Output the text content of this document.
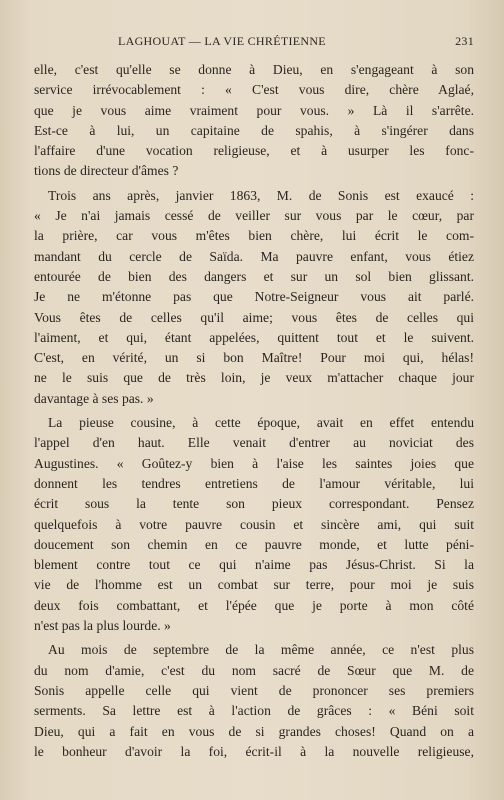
LAGHOUAT — LA VIE CHRÉTIENNE	231
elle, c'est qu'elle se donne à Dieu, en s'engageant à son
service irrévocablement : « C'est vous dire, chère Aglaé,
que je vous aime vraiment pour vous. » Là il s'arrête.
Est-ce à lui, un capitaine de spahis, à s'ingérer dans
l'affaire d'une vocation religieuse, et à usurper les fonc-
tions de directeur d'âmes ?
Trois ans après, janvier 1863, M. de Sonis est exaucé :
« Je n'ai jamais cessé de veiller sur vous par le cœur, par
la prière, car vous m'êtes bien chère, lui écrit le com-
mandant du cercle de Saïda. Ma pauvre enfant, vous étiez
entourée de bien des dangers et sur un sol bien glissant.
Je ne m'étonne pas que Notre-Seigneur vous ait parlé.
Vous êtes de celles qu'il aime; vous êtes de celles qui
l'aiment, et qui, étant appelées, quittent tout et le suivent.
C'est, en vérité, un si bon Maître! Pour moi qui, hélas!
ne le suis que de très loin, je veux m'attacher chaque jour
davantage à ses pas. »
La pieuse cousine, à cette époque, avait en effet entendu
l'appel d'en haut. Elle venait d'entrer au noviciat des
Augustines. « Goûtez-y bien à l'aise les saintes joies que
donnent les tendres entretiens de l'amour véritable, lui
écrit sous la tente son pieux correspondant. Pensez
quelquefois à votre pauvre cousin et sincère ami, qui suit
doucement son chemin en ce pauvre monde, et lutte péni-
blement contre tout ce qui n'aime pas Jésus-Christ. Si la
vie de l'homme est un combat sur terre, pour moi je suis
deux fois combattant, et l'épée que je porte à mon côté
n'est pas la plus lourde. »
Au mois de septembre de la même année, ce n'est plus
du nom d'amie, c'est du nom sacré de Sœur que M. de
Sonis appelle celle qui vient de prononcer ses premiers
serments. Sa lettre est à l'action de grâces : « Béni soit
Dieu, qui a fait en vous de si grandes choses! Quand on a
le bonheur d'avoir la foi, écrit-il à la nouvelle religieuse,
